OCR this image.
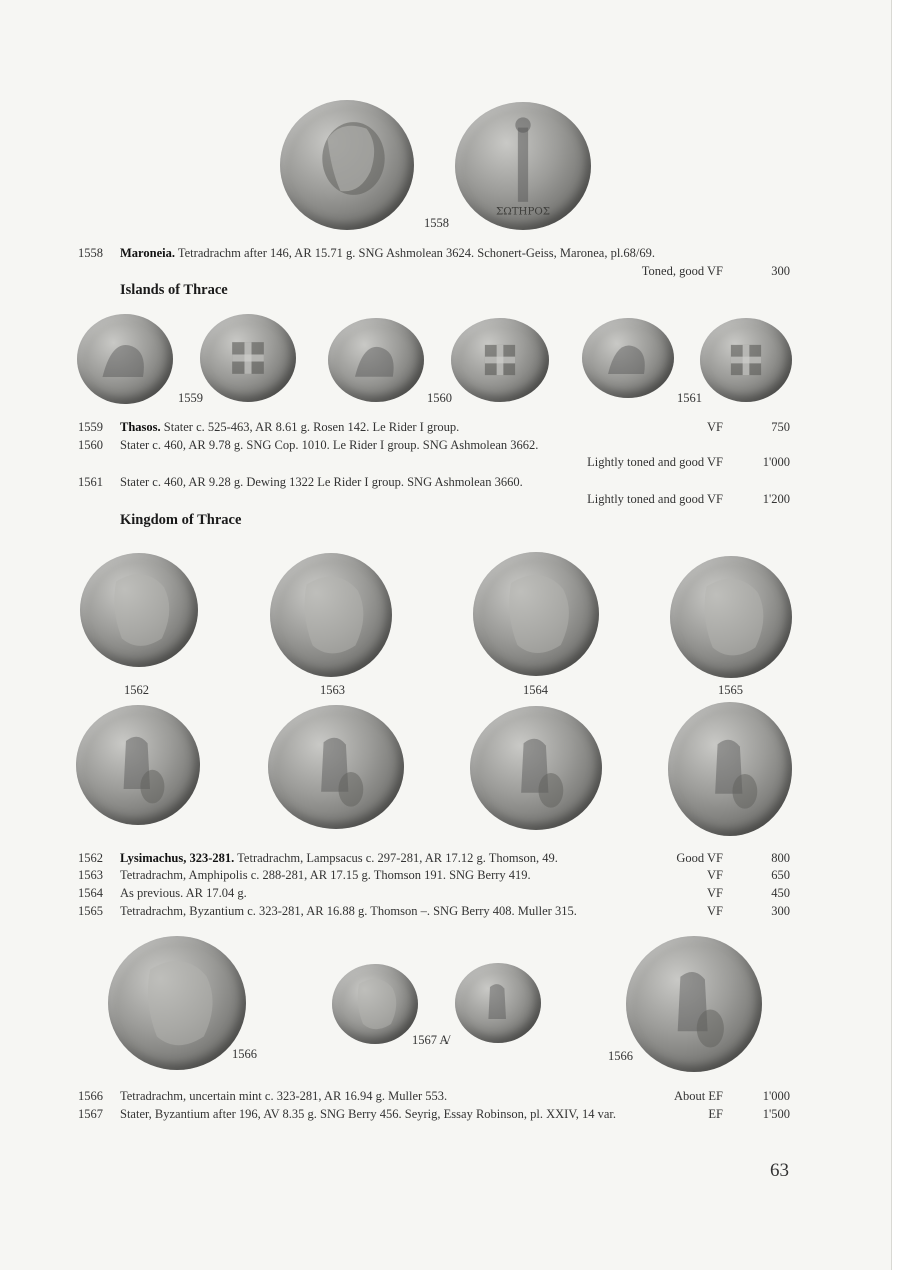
ΣΩΤΗΡΟΣ
1558
1558 Maroneia. Tetradrachm after 146, AR 15.71 g. SNG Ashmolean 3624. Schonert-Geiss, Maronea, pl.68/69.
Toned, good VF	300
Islands of Thrace
1559	1560	1561
1559 Thasos. Stater c. 525-463, AR 8.61 g. Rosen 142. Le Rider I group.	VF	750
1560 Stater c. 460, AR 9.78 g. SNG Cop. 1010. Le Rider I group. SNG Ashmolean 3662.
Lightly toned and good VF	1'000
1561 Stater c. 460, AR 9.28 g. Dewing 1322 Le Rider I group. SNG Ashmolean 3660.
Lightly toned and good VF	1'200
Kingdom of Thrace
1562	1563	1564	1565
1562 Lysimachus, 323-281. Tetradrachm, Lampsacus c. 297-281, AR 17.12 g. Thomson, 49.	Good VF	800
1563 Tetradrachm, Amphipolis c. 288-281, AR 17.15 g. Thomson 191. SNG Berry 419.	VF	650
1564 As previous. AR 17.04 g.	VF	450
1565 Tetradrachm, Byzantium c. 323-281, AR 16.88 g. Thomson –. SNG Berry 408. Muller 315.	VF	300
1566
1567 Α̸
1566
1566 Tetradrachm, uncertain mint c. 323-281, AR 16.94 g. Muller 553.	About EF	1'000
1567 Stater, Byzantium after 196, AV 8.35 g. SNG Berry 456. Seyrig, Essay Robinson, pl. XXIV, 14 var.	EF	1'500
63
